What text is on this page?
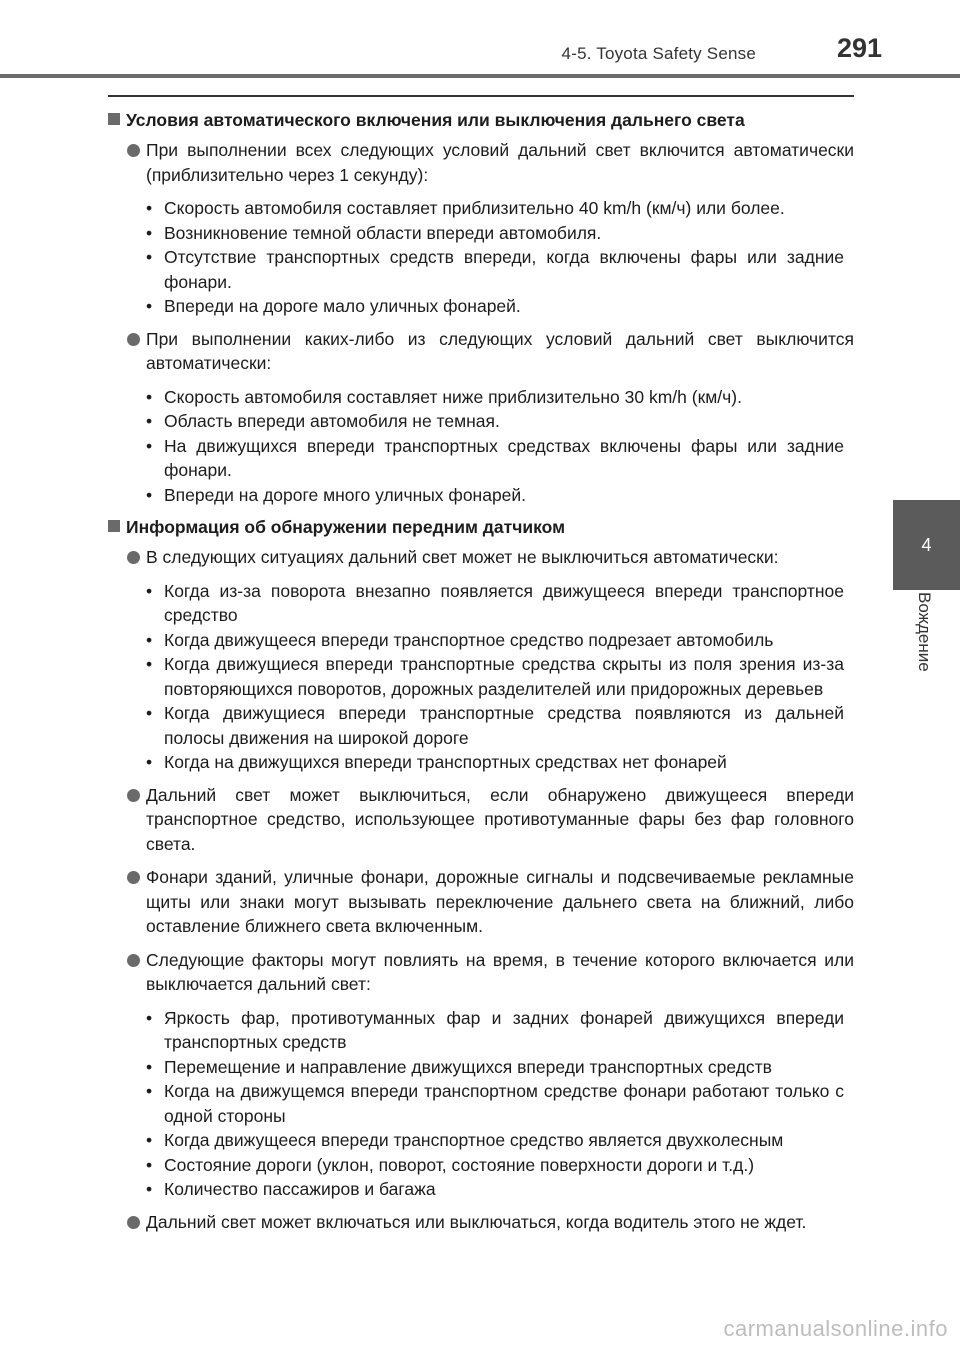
4-5. Toyota Safety Sense	291
4
Вождение
Условия автоматического включения или выключения дальнего света
При выполнении всех следующих условий дальний свет включится автоматически (приблизительно через 1 секунду):
• Скорость автомобиля составляет приблизительно 40 km/h (км/ч) или более.
• Возникновение темной области впереди автомобиля.
• Отсутствие транспортных средств впереди, когда включены фары или задние фонари.
• Впереди на дороге мало уличных фонарей.
При выполнении каких-либо из следующих условий дальний свет выключится автоматически:
• Скорость автомобиля составляет ниже приблизительно 30 km/h (км/ч).
• Область впереди автомобиля не темная.
• На движущихся впереди транспортных средствах включены фары или задние фонари.
• Впереди на дороге много уличных фонарей.
Информация об обнаружении передним датчиком
В следующих ситуациях дальний свет может не выключиться автоматически:
• Когда из-за поворота внезапно появляется движущееся впереди транспортное средство
• Когда движущееся впереди транспортное средство подрезает автомобиль
• Когда движущиеся впереди транспортные средства скрыты из поля зрения из-за повторяющихся поворотов, дорожных разделителей или придорожных деревьев
• Когда движущиеся впереди транспортные средства появляются из дальней полосы движения на широкой дороге
• Когда на движущихся впереди транспортных средствах нет фонарей
Дальний свет может выключиться, если обнаружено движущееся впереди транспортное средство, использующее противотуманные фары без фар головного света.
Фонари зданий, уличные фонари, дорожные сигналы и подсвечиваемые рекламные щиты или знаки могут вызывать переключение дальнего света на ближний, либо оставление ближнего света включенным.
Следующие факторы могут повлиять на время, в течение которого включается или выключается дальний свет:
• Яркость фар, противотуманных фар и задних фонарей движущихся впереди транспортных средств
• Перемещение и направление движущихся впереди транспортных средств
• Когда на движущемся впереди транспортном средстве фонари работают только с одной стороны
• Когда движущееся впереди транспортное средство является двухколесным
• Состояние дороги (уклон, поворот, состояние поверхности дороги и т.д.)
• Количество пассажиров и багажа
Дальний свет может включаться или выключаться, когда водитель этого не ждет.
carmanualsonline.info
